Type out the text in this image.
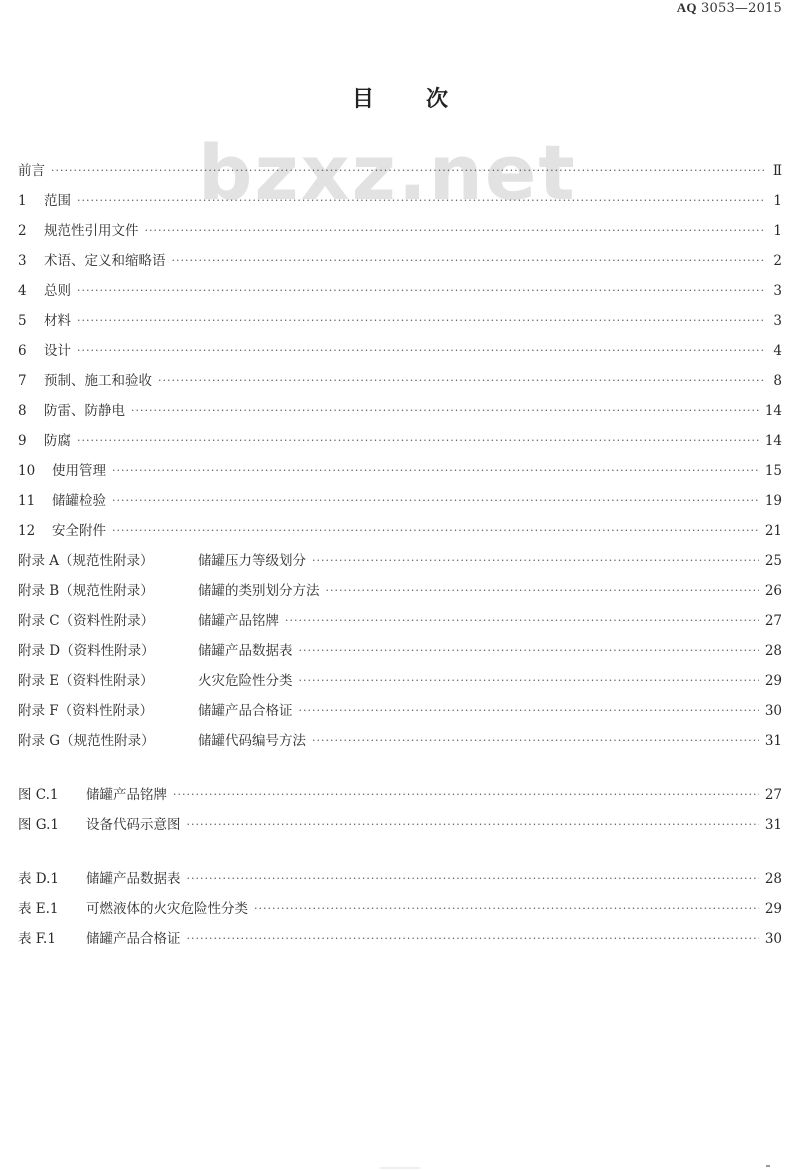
AQ 3053—2015
目次
bzxz.net
前言 ·····	Ⅱ
1	范围 ·····	1
2	规范性引用文件 ·····	1
3	术语、定义和缩略语 ·····	2
4	总则 ·····	3
5	材料 ·····	3
6	设计 ·····	4
7	预制、施工和验收 ·····	8
8	防雷、防静电 ·····	14
9	防腐 ·····	14
10	使用管理 ·····	15
11	储罐检验 ·····	19
12	安全附件 ·····	21
附录 A（规范性附录）	储罐压力等级划分 ·····	25
附录 B（规范性附录）	储罐的类别划分方法 ·····	26
附录 C（资料性附录）	储罐产品铭牌 ·····	27
附录 D（资料性附录）	储罐产品数据表 ·····	28
附录 E（资料性附录）	火灾危险性分类 ·····	29
附录 F（资料性附录）	储罐产品合格证 ·····	30
附录 G（规范性附录）	储罐代码编号方法 ·····	31
图 C.1	储罐产品铭牌 ·····	27
图 G.1	设备代码示意图 ·····	31
表 D.1	储罐产品数据表 ·····	28
表 E.1	可燃液体的火灾危险性分类 ·····	29
表 F.1	储罐产品合格证 ·····	30
